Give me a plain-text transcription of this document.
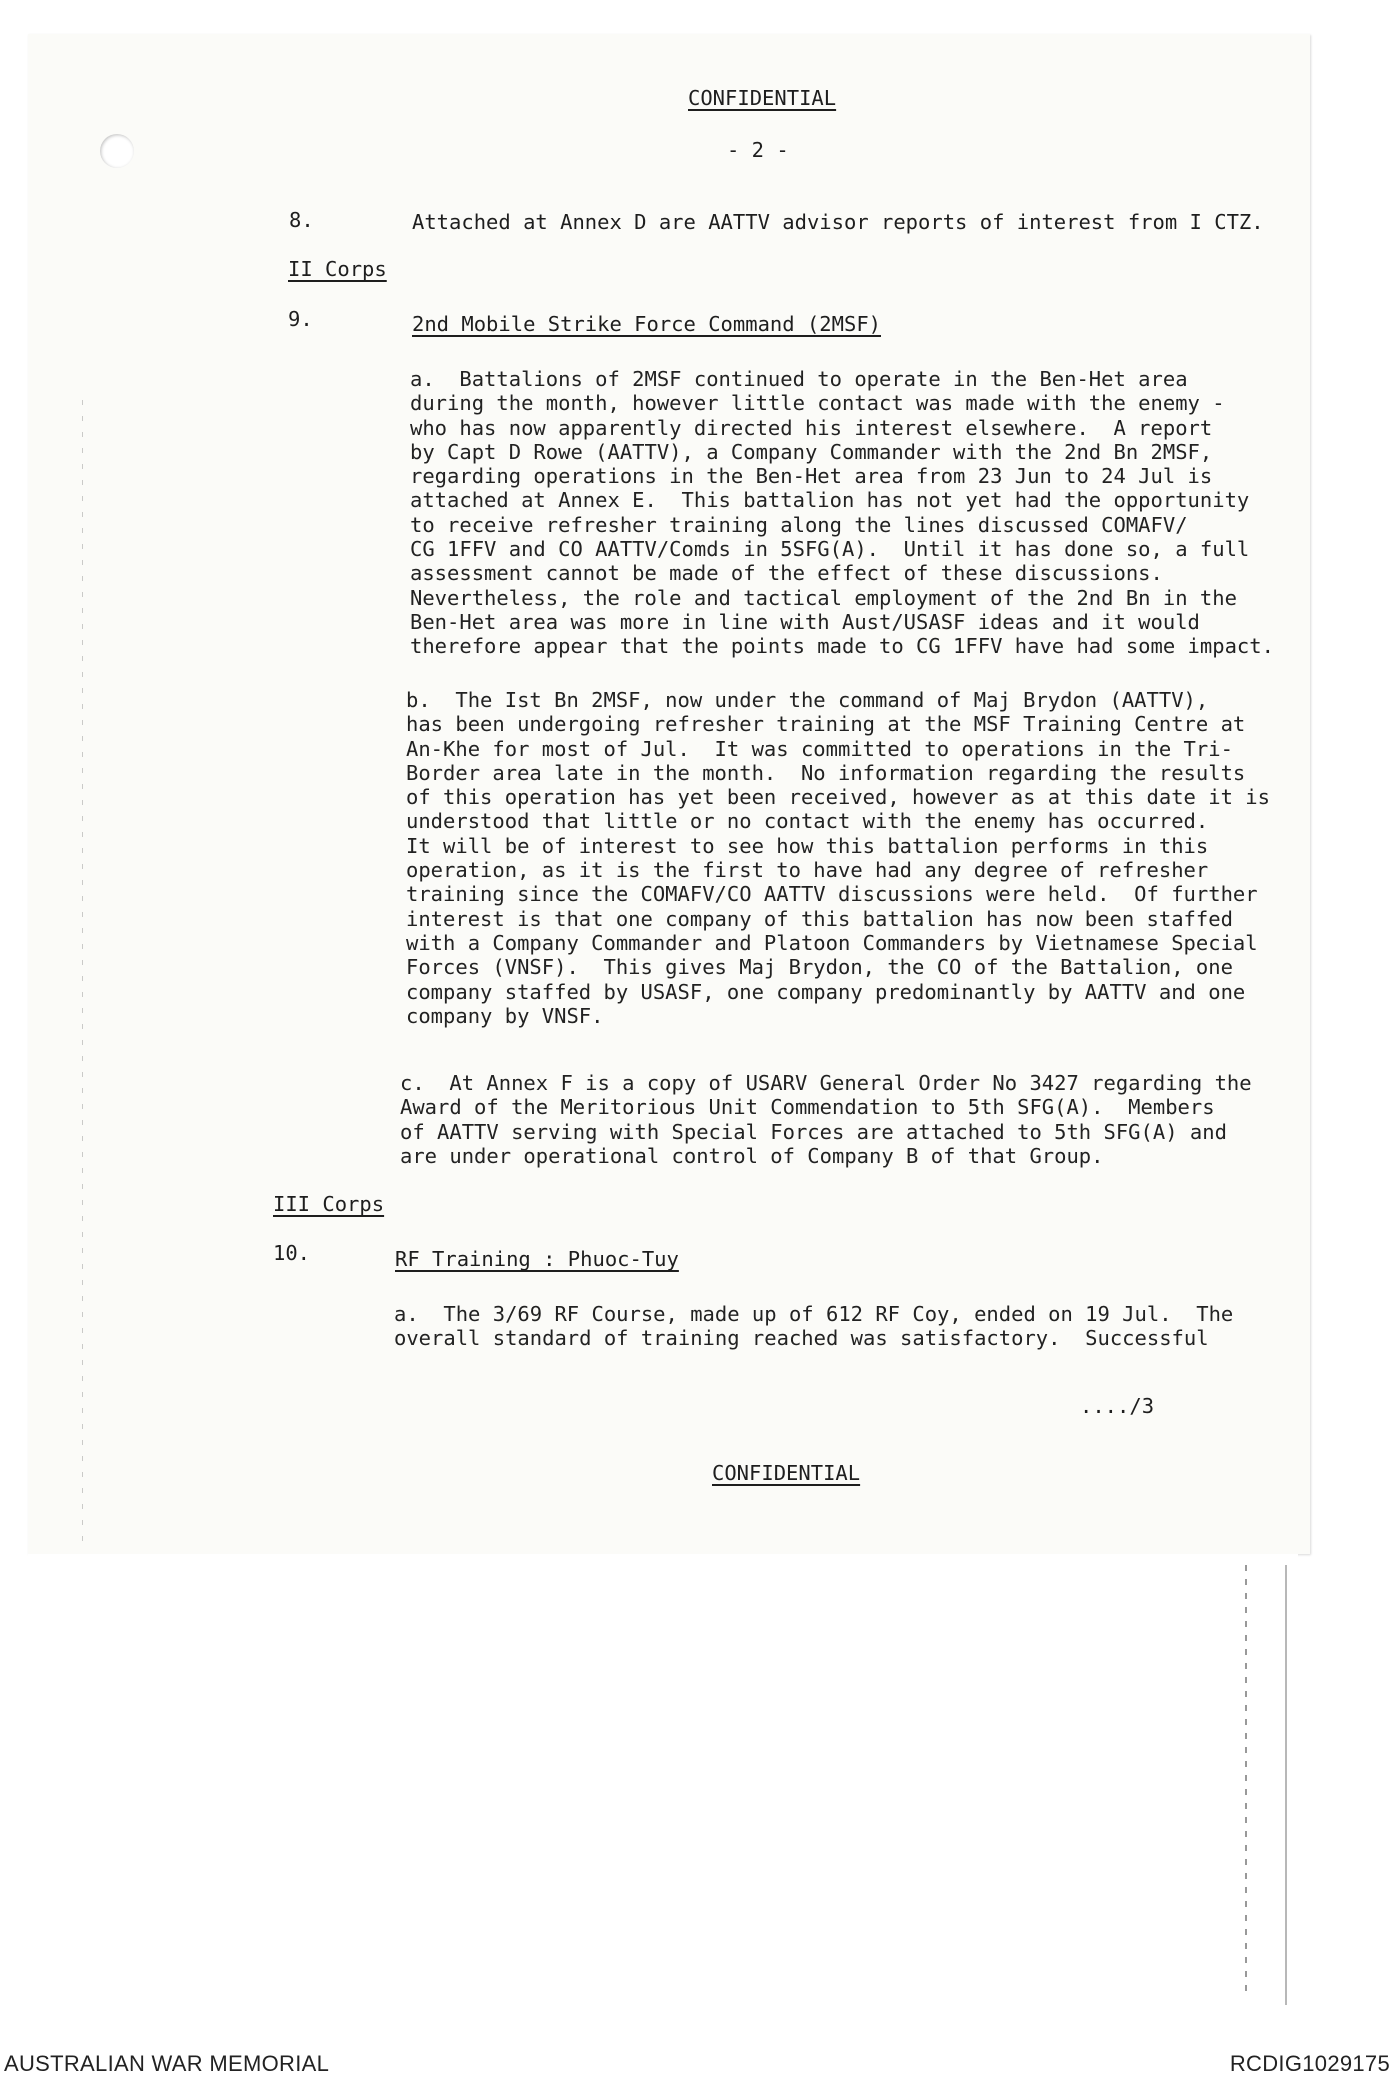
CONFIDENTIAL

- 2 -

8.	Attached at Annex D are AATTV advisor reports of interest from I CTZ.

II Corps

9.	2nd Mobile Strike Force Command (2MSF)

a.  Battalions of 2MSF continued to operate in the Ben-Het area
during the month, however little contact was made with the enemy -
who has now apparently directed his interest elsewhere.  A report
by Capt D Rowe (AATTV), a Company Commander with the 2nd Bn 2MSF,
regarding operations in the Ben-Het area from 23 Jun to 24 Jul is
attached at Annex E.  This battalion has not yet had the opportunity
to receive refresher training along the lines discussed COMAFV/
CG 1FFV and CO AATTV/Comds in 5SFG(A).  Until it has done so, a full
assessment cannot be made of the effect of these discussions.
Nevertheless, the role and tactical employment of the 2nd Bn in the
Ben-Het area was more in line with Aust/USASF ideas and it would
therefore appear that the points made to CG 1FFV have had some impact.

b.  The Ist Bn 2MSF, now under the command of Maj Brydon (AATTV),
has been undergoing refresher training at the MSF Training Centre at
An-Khe for most of Jul.  It was committed to operations in the Tri-
Border area late in the month.  No information regarding the results
of this operation has yet been received, however as at this date it is
understood that little or no contact with the enemy has occurred.
It will be of interest to see how this battalion performs in this
operation, as it is the first to have had any degree of refresher
training since the COMAFV/CO AATTV discussions were held.  Of further
interest is that one company of this battalion has now been staffed
with a Company Commander and Platoon Commanders by Vietnamese Special
Forces (VNSF).  This gives Maj Brydon, the CO of the Battalion, one
company staffed by USASF, one company predominantly by AATTV and one
company by VNSF.

c.  At Annex F is a copy of USARV General Order No 3427 regarding the
Award of the Meritorious Unit Commendation to 5th SFG(A).  Members
of AATTV serving with Special Forces are attached to 5th SFG(A) and
are under operational control of Company B of that Group.

III Corps

10.	RF Training : Phuoc-Tuy

a.  The 3/69 RF Course, made up of 612 RF Coy, ended on 19 Jul.  The
overall standard of training reached was satisfactory.  Successful

..../3

CONFIDENTIAL

AUSTRALIAN WAR MEMORIAL	RCDIG1029175
